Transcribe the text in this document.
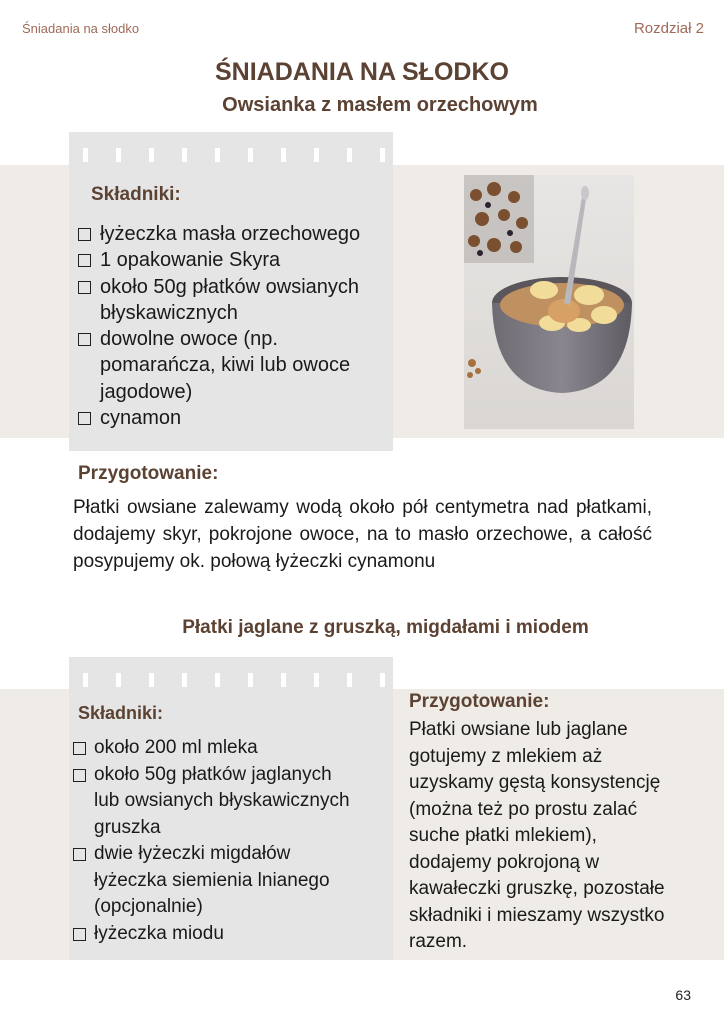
Śniadania na słodko	Rozdział 2
ŚNIADANIA NA SŁODKO
Owsianka z masłem orzechowym
Składniki:
łyżeczka masła orzechowego
1 opakowanie Skyra
około 50g płatków owsianych
błyskawicznych
dowolne owoce (np.
pomarańcza, kiwi lub owoce
jagodowe)
cynamon
Przygotowanie:
Płatki owsiane zalewamy wodą około pół centymetra nad płatkami, dodajemy skyr, pokrojone owoce, na to masło orzechowe, a całość posypujemy ok. połową łyżeczki cynamonu
Płatki jaglane z gruszką, migdałami i miodem
Składniki:
około 200 ml mleka
około 50g płatków jaglanych
lub owsianych błyskawicznych
gruszka
dwie łyżeczki migdałów
łyżeczka siemienia lnianego
(opcjonalnie)
łyżeczka miodu
Przygotowanie:
Płatki owsiane lub jaglane
gotujemy z mlekiem aż
uzyskamy gęstą konsystencję
(można też po prostu zalać
suche płatki mlekiem),
dodajemy pokrojoną w
kawałeczki gruszkę, pozostałe
składniki i mieszamy wszystko
razem.
63
